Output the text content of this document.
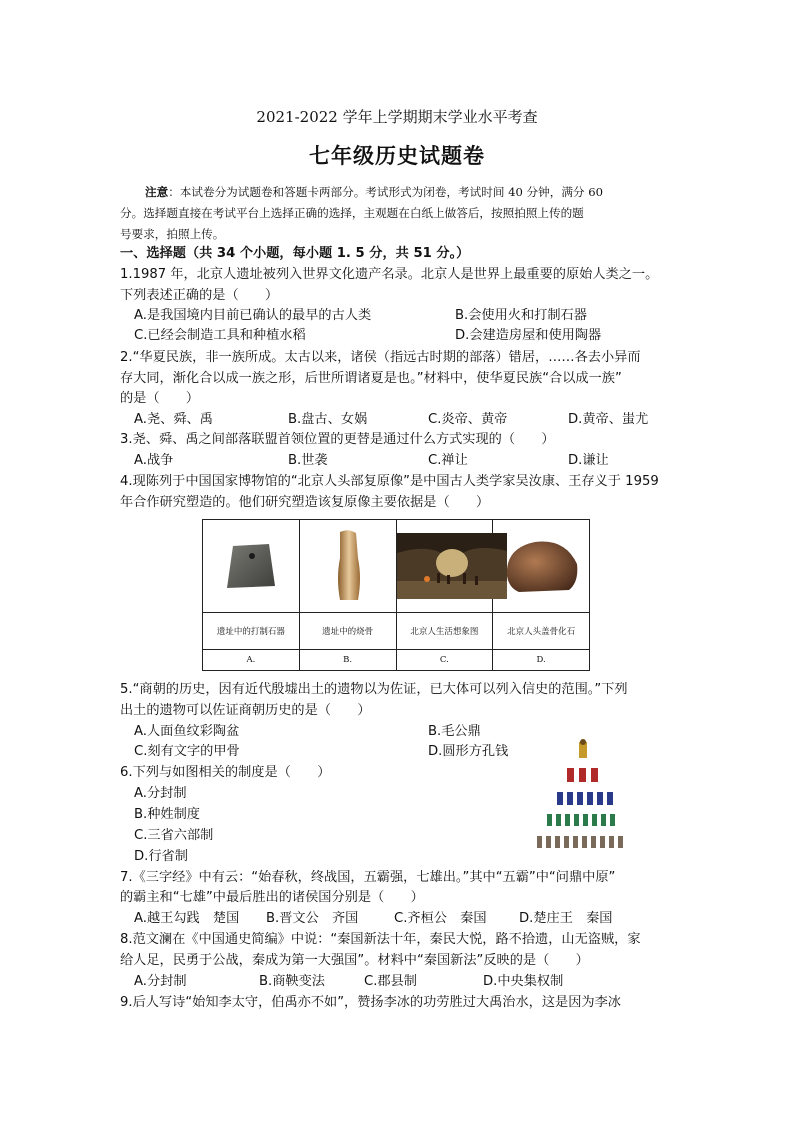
2021-2022 学年上学期期末学业水平考查
七年级历史试题卷
注意：本试卷分为试题卷和答题卡两部分。考试形式为闭卷，考试时间 40 分钟，满分 60
分。选择题直接在考试平台上选择正确的选择，主观题在白纸上做答后，按照拍照上传的题
号要求，拍照上传。
一、选择题（共 34 个小题，每小题 1. 5 分，共 51 分。）
1.1987 年，北京人遗址被列入世界文化遗产名录。北京人是世界上最重要的原始人类之一。
下列表述正确的是（　　）
A.是我国境内目前已确认的最早的古人类	B.会使用火和打制石器
C.已经会制造工具和种植水稻	D.会建造房屋和使用陶器
2.“华夏民族，非一族所成。太古以来，诸侯（指远古时期的部落）错居，……各去小异而
存大同，渐化合以成一族之形，后世所谓诸夏是也。”材料中，使华夏民族“合以成一族”
的是（　　）
A.尧、舜、禹	B.盘古、女娲	C.炎帝、黄帝	D.黄帝、蚩尤
3.尧、舜、禹之间部落联盟首领位置的更替是通过什么方式实现的（　　）
A.战争	B.世袭	C.禅让	D.谦让
4.现陈列于中国国家博物馆的“北京人头部复原像”是中国古人类学家吴汝康、王存义于 1959
年合作研究塑造的。他们研究塑造该复原像主要依据是（　　）

遗址中的打制石器	遗址中的烧骨	北京人生活想象图	北京人头盖骨化石
A.	B.	C.	D.
5.“商朝的历史，因有近代殷墟出土的遗物以为佐证，已大体可以列入信史的范围。”下列
出土的遗物可以佐证商朝历史的是（　　）
A.人面鱼纹彩陶盆	B.毛公鼎
C.刻有文字的甲骨	D.圆形方孔钱
6.下列与如图相关的制度是（　　）
A.分封制
B.种姓制度
C.三省六部制
D.行省制
7.《三字经》中有云：“始春秋，终战国，五霸强，七雄出。”其中“五霸”中“问鼎中原”
的霸主和“七雄”中最后胜出的诸侯国分别是（　　）
A.越王勾践　楚国 B.晋文公　齐国	C.齐桓公　秦国 D.楚庄王　秦国
8.范文澜在《中国通史简编》中说：“秦国新法十年，秦民大悦，路不拾遗，山无盗贼，家
给人足，民勇于公战，秦成为第一大强国”。材料中“秦国新法”反映的是（　　）
A.分封制	B.商鞅变法	C.郡县制	D.中央集权制
9.后人写诗“始知李太守，伯禹亦不如”，赞扬李冰的功劳胜过大禹治水，这是因为李冰
